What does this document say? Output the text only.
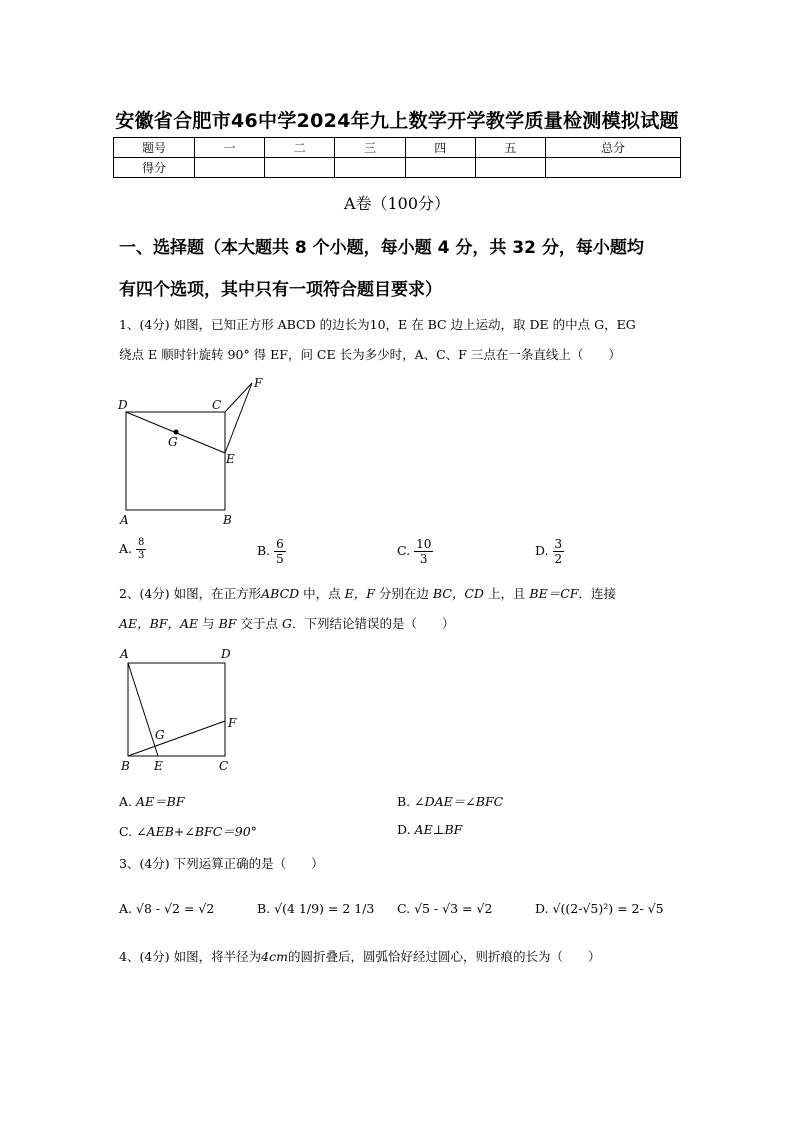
安徽省合肥市46中学2024年九上数学开学教学质量检测模拟试题
题号	一	二	三	四	五	总分
得分						
A卷（100分）
一、选择题（本大题共 8 个小题，每小题 4 分，共 32 分，每小题均
有四个选项，其中只有一项符合题目要求）
1、(4分) 如图，已知正方形 ABCD 的边长为10，E 在 BC 边上运动，取 DE 的中点 G，EG
绕点 E 顺时针旋转 90° 得 EF，问 CE 长为多少时，A、C、F 三点在一条直线上（　　）
D	C
F
G
E
A	B
A. $\frac{8}{3}$	B. $\frac{6}{5}$	C. $\frac{10}{3}$	D. $\frac{3}{2}$
2、(4分) 如图，在正方形ABCD 中，点 E，F 分别在边 BC，CD 上，且 BE＝CF．连接
AE，BF，AE 与 BF 交于点 G．下列结论错误的是（　　）
A	D
F
G
B E	C
A. AE＝BF	B. ∠DAE＝∠BFC
C. ∠AEB+∠BFC＝90°	D. AE⊥BF
3、(4分) 下列运算正确的是（　　）
A. √8 - √2 = √2	B. √(4 1/9) = 2 1/3 C. √5 - √3 = √2	D. √((2-√5)²) = 2- √5
4、(4分) 如图，将半径为4cm的圆折叠后，圆弧恰好经过圆心，则折痕的长为（　　）
